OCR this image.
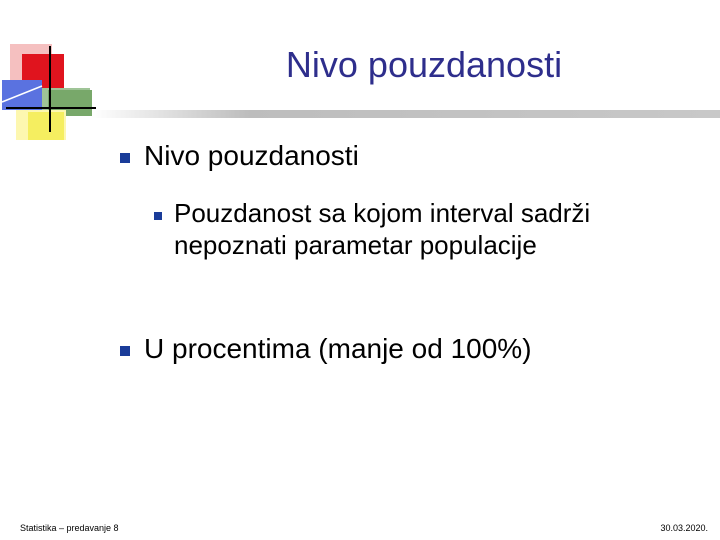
Nivo pouzdanosti
Nivo pouzdanosti
Pouzdanost sa kojom interval sadrži nepoznati parametar populacije
U procentima (manje od 100%)
Statistika – predavanje 8	30.03.2020.
